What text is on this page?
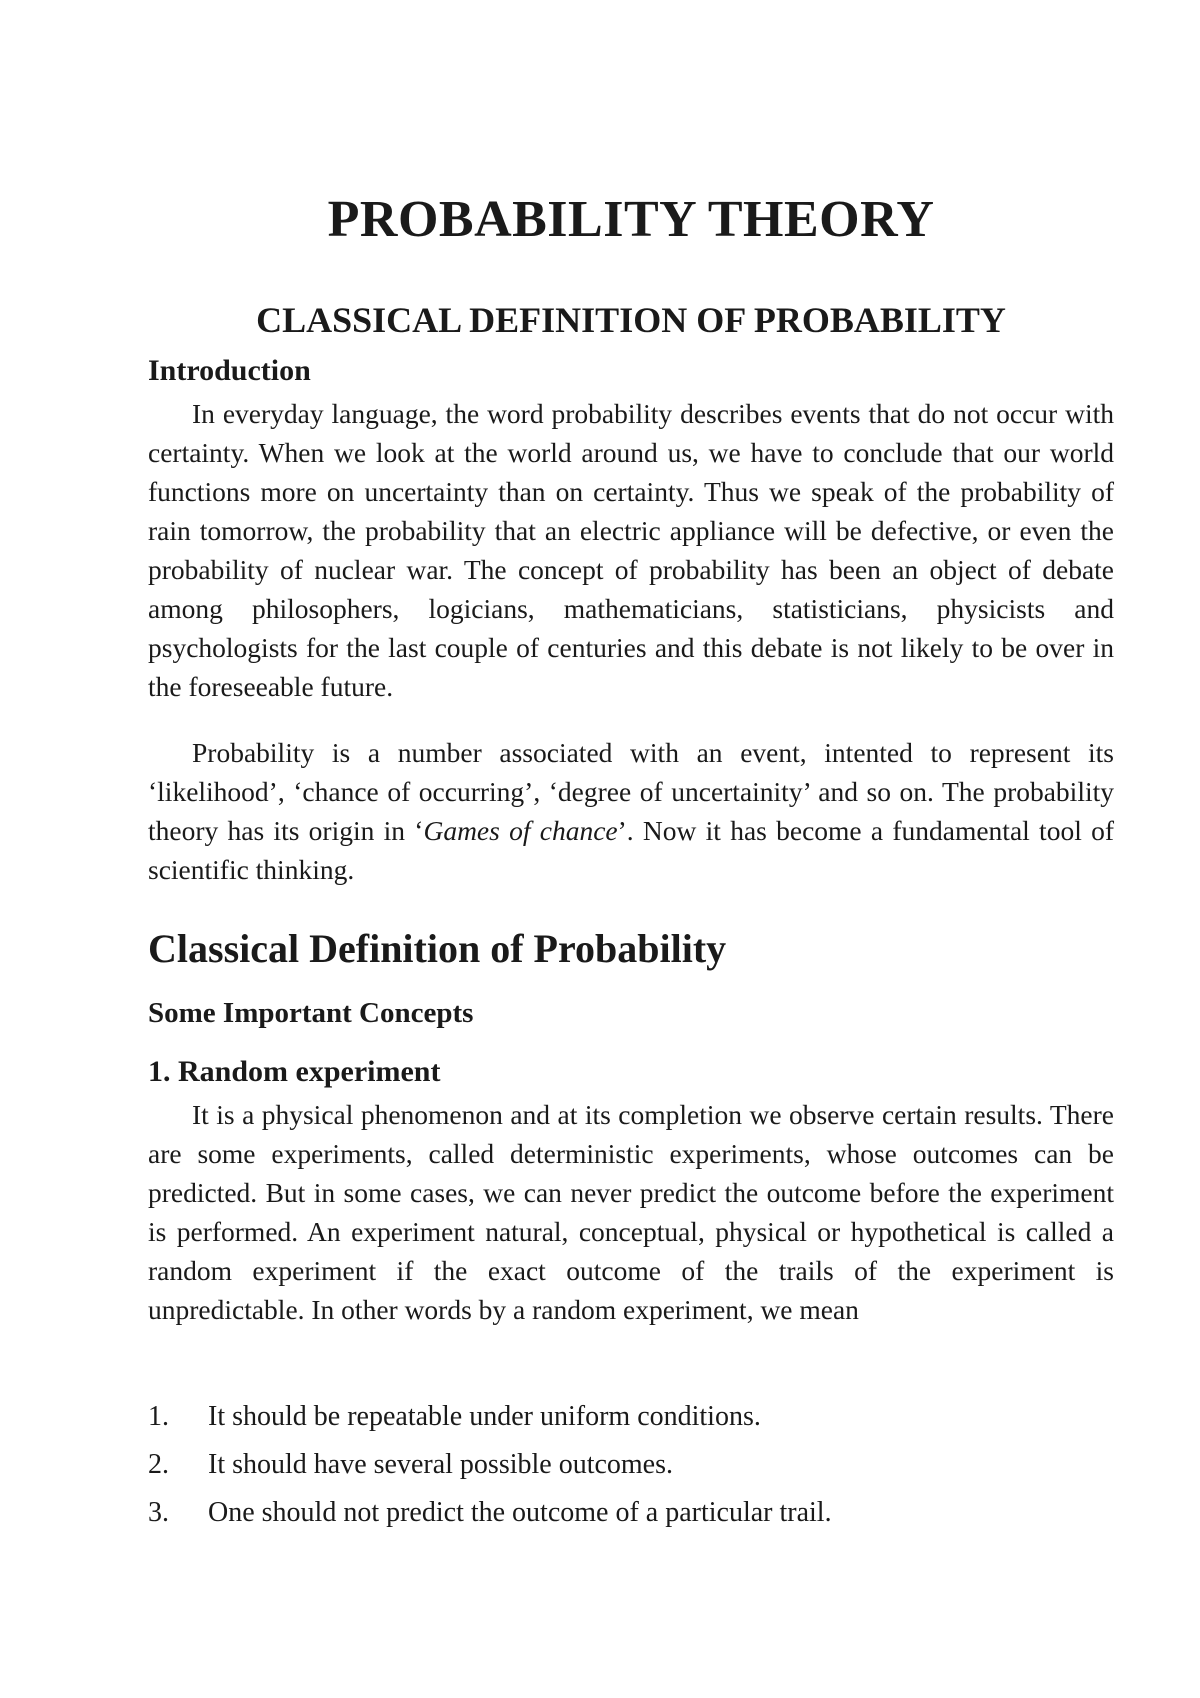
PROBABILITY THEORY
CLASSICAL DEFINITION OF PROBABILITY
Introduction

In everyday language, the word probability describes events that do not occur with certainty. When we look at the world around us, we have to conclude that our world functions more on uncertainty than on certainty. Thus we speak of the probability of rain tomorrow, the probability that an electric appliance will be defective, or even the probability of nuclear war. The concept of probability has been an object of debate among philosophers, logicians, mathematicians, statisticians, physicists and psychologists for the last couple of centuries and this debate is not likely to be over in the foreseeable future.

Probability is a number associated with an event, intented to represent its ‘likelihood’, ‘chance of occurring’, ‘degree of uncertainity’ and so on. The probability theory has its origin in ‘Games of chance’. Now it has become a fundamental tool of scientific thinking.

Classical Definition of Probability
Some Important Concepts
1. Random experiment

It is a physical phenomenon and at its completion we observe certain results. There are some experiments, called deterministic experiments, whose outcomes can be predicted. But in some cases, we can never predict the outcome before the experiment is performed. An experiment natural, conceptual, physical or hypothetical is called a random experiment if the exact outcome of the trails of the experiment is unpredictable. In other words by a random experiment, we mean

1.	It should be repeatable under uniform conditions.
2.	It should have several possible outcomes.
3.	One should not predict the outcome of a particular trail.
